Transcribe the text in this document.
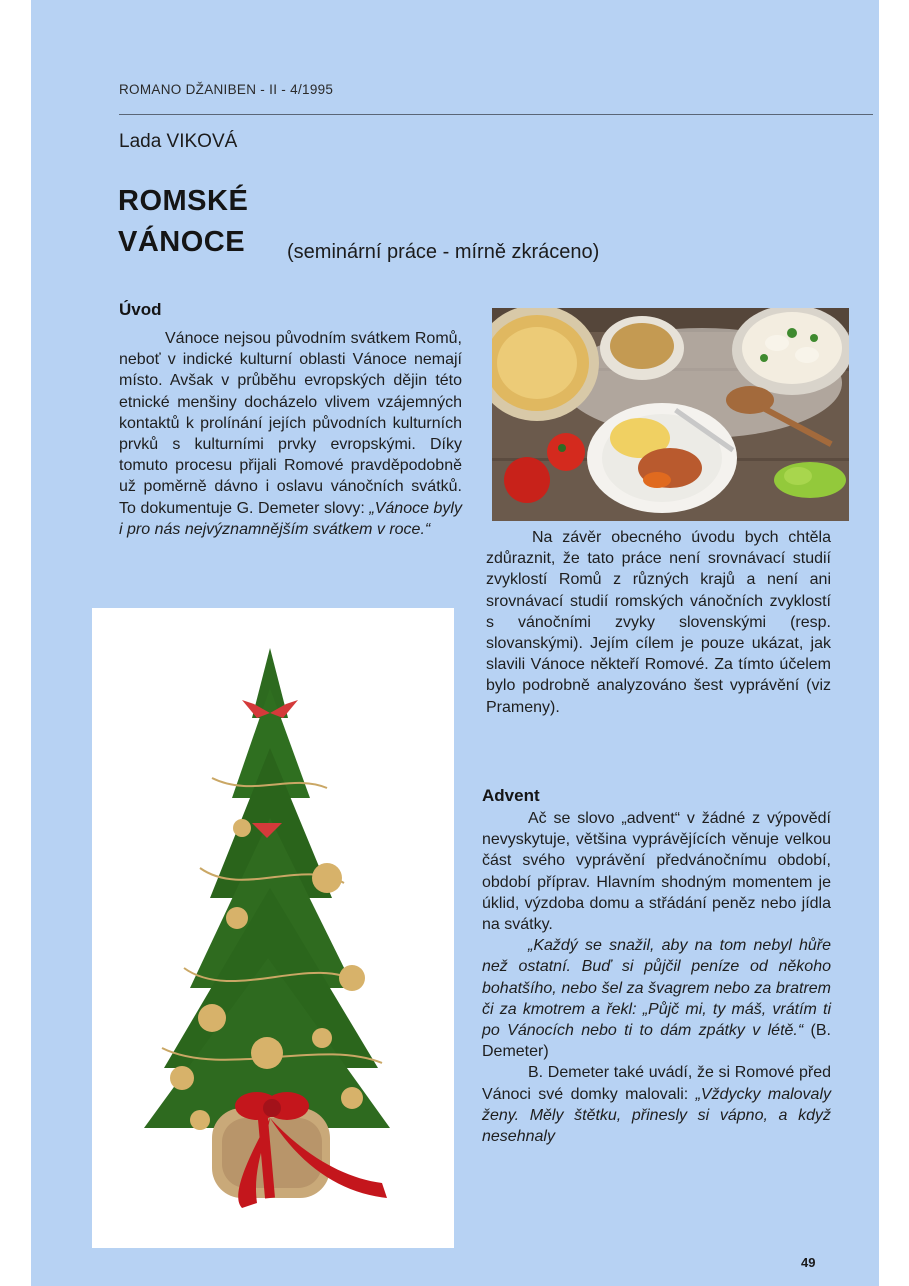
ROMANO DŽANIBEN - II - 4/1995
Lada VIKOVÁ
ROMSKÉ
VÁNOCE (seminární práce - mírně zkráceno)
Úvod

Vánoce nejsou původním svátkem Romů, neboť v indické kulturní oblasti Vánoce nemají místo. Avšak v průběhu evropských dějin této etnické menšiny docházelo vlivem vzájemných kontaktů k prolínání jejích původních kulturních prvků s kulturními prvky evropskými. Díky tomuto procesu přijali Romové pravděpodobně už poměrně dávno i oslavu vánočních svátků. To dokumentuje G. Demeter slovy: „Vánoce byly i pro nás nejvýznamnějším svátkem v roce.“	Na závěr obecného úvodu bych chtěla zdůraznit, že tato práce není srovnávací studií zvyklostí Romů z různých krajů a není ani srovnávací studií romských vánočních zvyklostí s vánočními zvyky slovenskými (resp. slovanskými). Jejím cílem je pouze ukázat, jak slavili Vánoce někteří Romové. Za tímto účelem bylo podrobně analyzováno šest vyprávění (viz Prameny).

Advent

Ač se slovo „advent“ v žádné z výpovědí nevyskytuje, většina vyprávějících věnuje velkou část svého vyprávění předvánočnímu období, období příprav. Hlavním shodným momentem je úklid, výzdoba domu a střádání peněz nebo jídla na svátky.

„Každý se snažil, aby na tom nebyl hůře než ostatní. Buď si půjčil peníze od někoho bohatšího, nebo šel za švagrem nebo za bratrem či za kmotrem a řekl: „Půjč mi, ty máš, vrátím ti po Vánocích nebo ti to dám zpátky v létě.“ (B. Demeter)

B. Demeter také uvádí, že si Romové před Vánoci své domky malovali: „Vždycky malovaly ženy. Měly štětku, přinesly si vápno, a když nesehnaly

49
